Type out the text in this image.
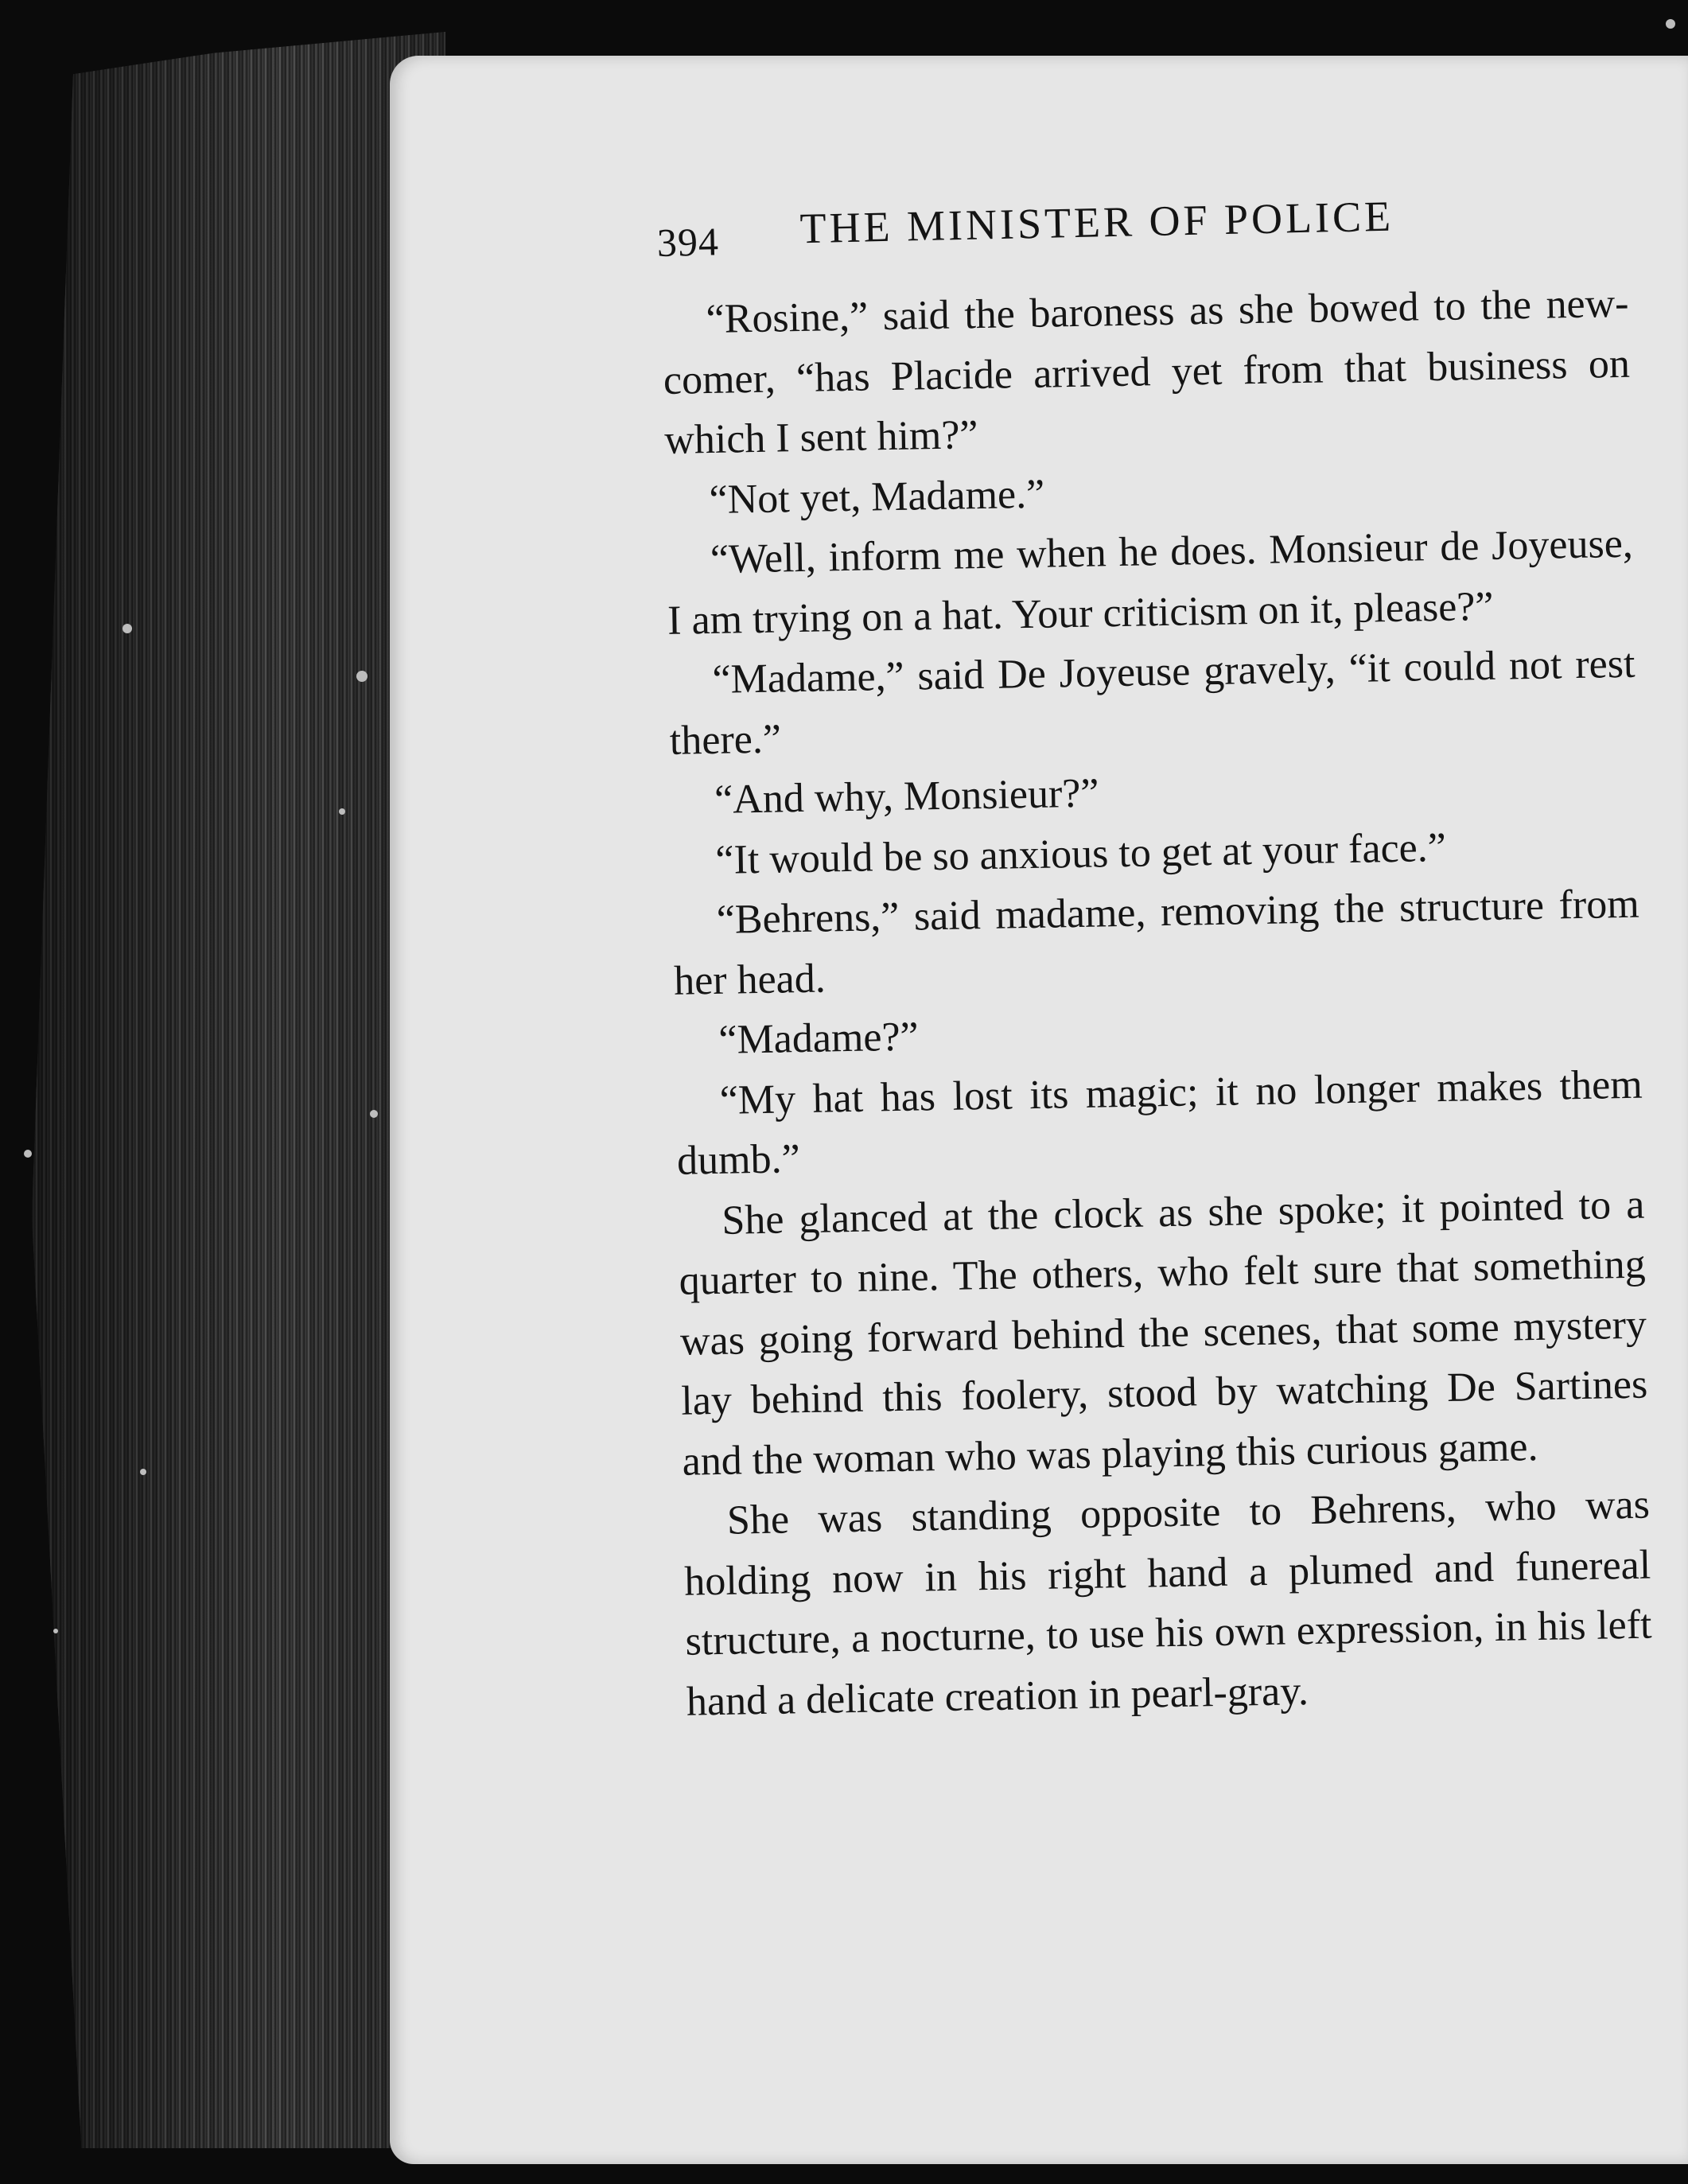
394 THE MINISTER OF POLICE

“Rosine,” said the baroness as she bowed to the new-comer, “has Placide arrived yet from that business on which I sent him?”

“Not yet, Madame.”

“Well, inform me when he does. Monsieur de Joyeuse, I am trying on a hat. Your criticism on it, please?”

“Madame,” said De Joyeuse gravely, “it could not rest there.”

“And why, Monsieur?”

“It would be so anxious to get at your face.”

“Behrens,” said madame, removing the structure from her head.

“Madame?”

“My hat has lost its magic; it no longer makes them dumb.”

She glanced at the clock as she spoke; it pointed to a quarter to nine. The others, who felt sure that something was going forward behind the scenes, that some mystery lay behind this foolery, stood by watching De Sartines and the woman who was playing this curious game.

She was standing opposite to Behrens, who was holding now in his right hand a plumed and funereal structure, a nocturne, to use his own expression, in his left hand a delicate creation in pearl-gray.
